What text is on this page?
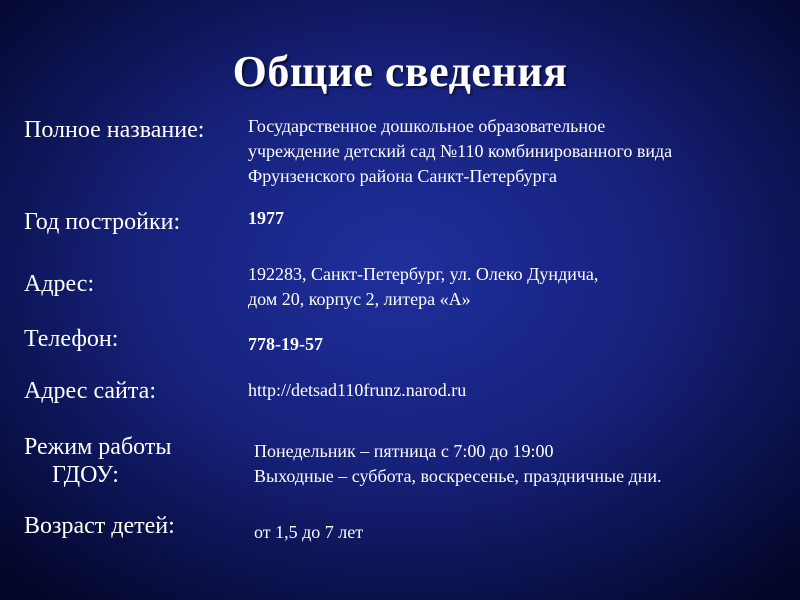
Общие сведения
Полное название: Государственное дошкольное образовательное
учреждение детский сад №110 комбинированного вида
Фрунзенского района Санкт-Петербурга
Год постройки:	1977
Адрес:	192283, Санкт-Петербург, ул. Олеко Дундича,
дом 20, корпус 2, литера «А»
Телефон:	778-19-57
Адрес сайта:	http://detsad110frunz.narod.ru
Режим работы
ГДОУ:
Понедельник – пятница с 7:00 до 19:00
Выходные – суббота, воскресенье, праздничные дни.
Возраст детей:	от 1,5 до 7 лет
